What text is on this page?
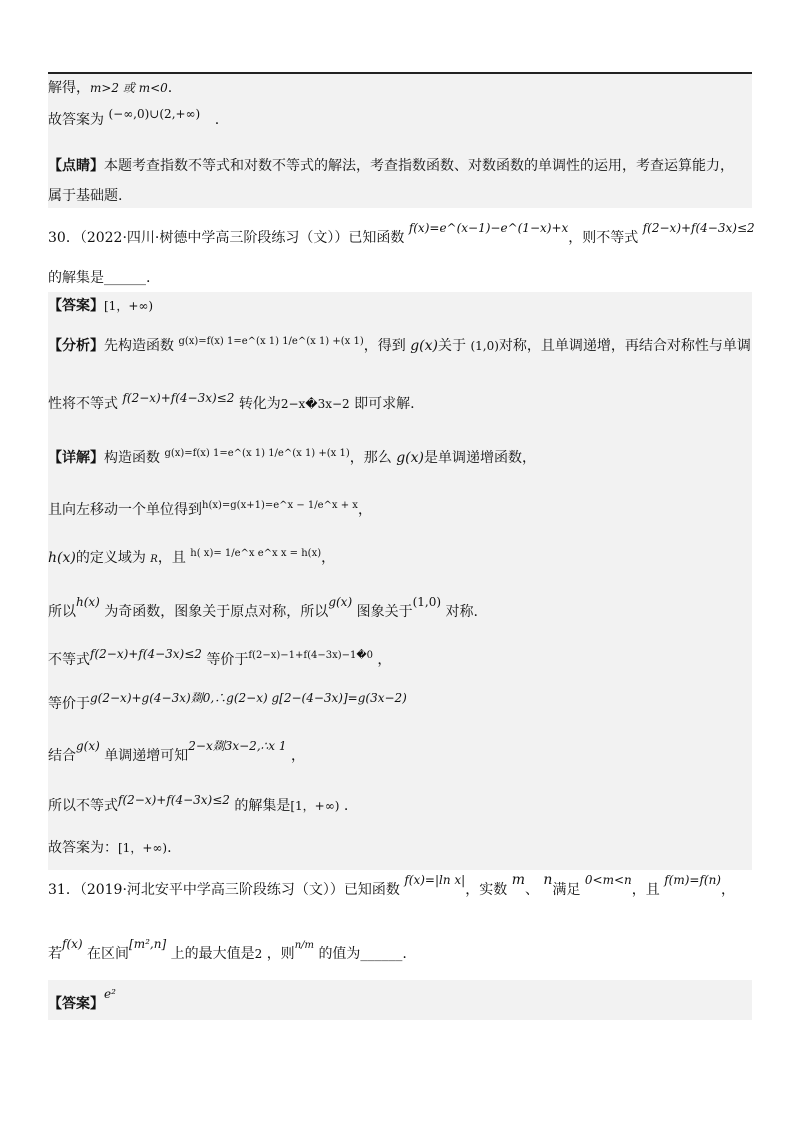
解得，m>2 或 m<0.
故答案为 (−∞,0)∪(2,+∞) .
【点睛】本题考查指数不等式和对数不等式的解法，考查指数函数、对数函数的单调性的运用，考查运算能力，
属于基础题.
30．（2022·四川·树德中学高三阶段练习（文））已知函数 f(x)=e^(x−1)−e^(1−x)+x，则不等式 f(2−x)+f(4−3x)≤2
的解集是______.
【答案】[1，+∞)
【分析】先构造函数 $^{g(x)=f(x) 1=e\^{}(x 1) 1/e\^{}(x 1) +(x 1)}$，得到 g(x)关于 (1,0)对称，且单调递增，再结合对称性与单调
性将不等式 f(2−x)+f(4−3x)≤2 转化为2−x�3x−2 即可求解.
【详解】构造函数 $^{g(x)=f(x) 1=e\^{}(x 1) 1/e\^{}(x 1) +(x 1)}$，那么 g(x)是单调递增函数，
且向左移动一个单位得到$^{h(x)=g(x+1)=e\^{}x - 1/e\^{}x + x}$，
h(x)的定义域为 R，且 $^{h( x)= 1/e\^{}x e\^{}x x = h(x)}$，
所以h(x) 为奇函数，图象关于原点对称，所以g(x) 图象关于(1,0) 对称.
不等式f(2−x)+f(4−3x)≤2 等价于$^{f(2-x)-1+f(4-3x)-1�0}$ ，
等价于g(2−x)+g(4−3x)剟0,∴g(2−x) g[2−(4−3x)]=g(3x−2)
结合g(x) 单调递增可知2−x剟3x−2,∴x 1 ，
所以不等式f(2−x)+f(4−3x)≤2 的解集是[1，+∞) .
故答案为：[1，+∞).
31．（2019·河北安平中学高三阶段练习（文））已知函数 f(x)=|ln x|，实数 m、 n满足 0<m<n，且 f(m)=f(n)，
若f(x) 在区间[m²,n] 上的最大值是2 ，则$^{n/m}$ 的值为______.
【答案】e²
